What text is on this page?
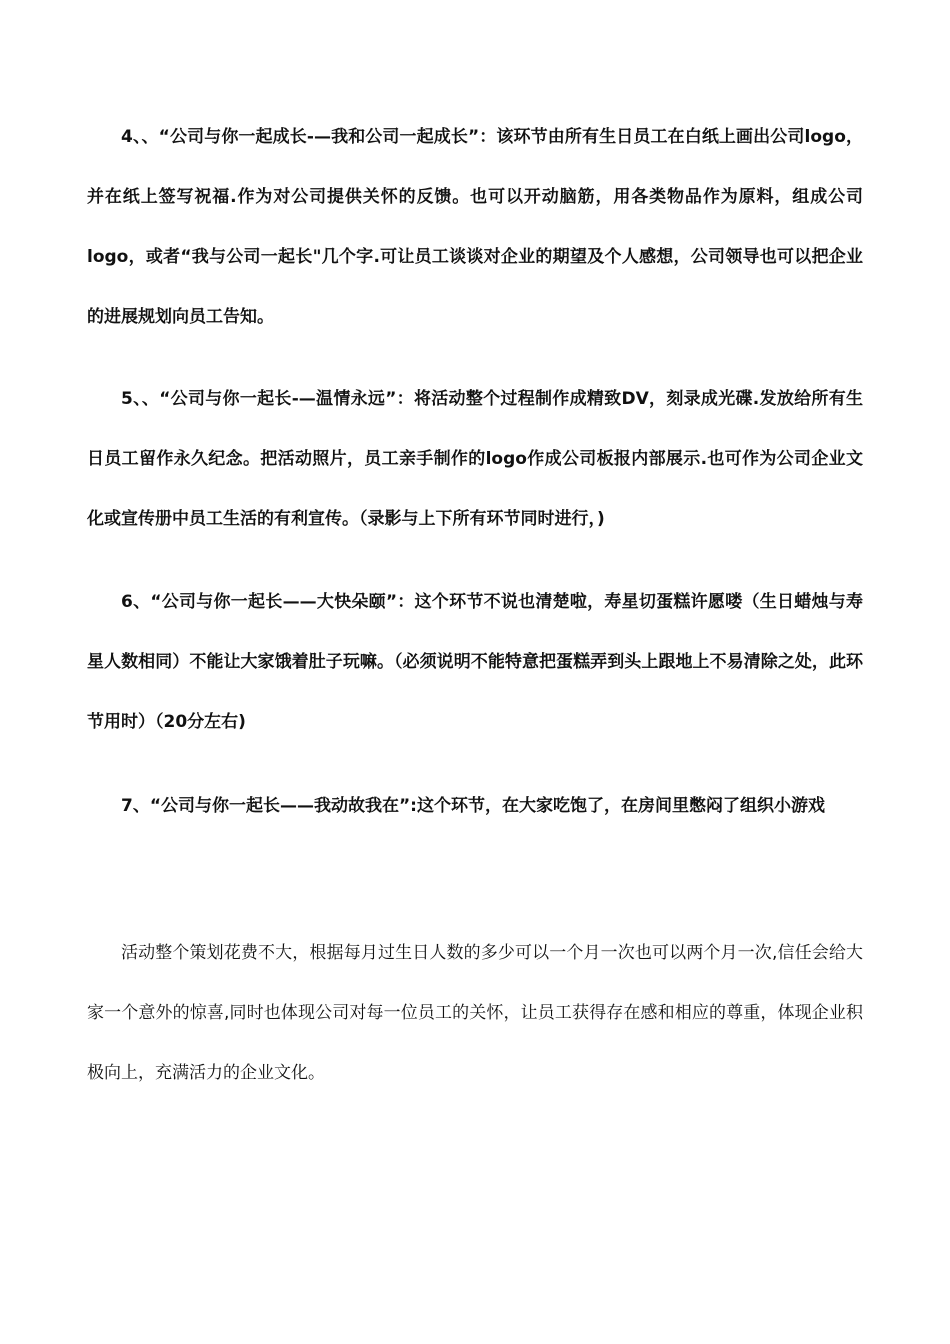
4、、“公司与你一起成长-—我和公司一起成长”：该环节由所有生日员工在白纸上画出公司logo，并在纸上签写祝福.作为对公司提供关怀的反馈。也可以开动脑筋，用各类物品作为原料，组成公司logo，或者“我与公司一起长"几个字.可让员工谈谈对企业的期望及个人感想，公司领导也可以把企业的进展规划向员工告知。

5、、“公司与你一起长-—温情永远”：将活动整个过程制作成精致DV，刻录成光碟.发放给所有生日员工留作永久纪念。把活动照片，员工亲手制作的logo作成公司板报内部展示.也可作为公司企业文化或宣传册中员工生活的有利宣传。（录影与上下所有环节同时进行，)

6、“公司与你一起长——大快朵颐”：这个环节不说也清楚啦，寿星切蛋糕许愿喽（生日蜡烛与寿星人数相同）不能让大家饿着肚子玩嘛。（必须说明不能特意把蛋糕弄到头上跟地上不易清除之处，此环节用时）（20分左右)

7、“公司与你一起长——我动故我在”:这个环节，在大家吃饱了，在房间里憋闷了组织小游戏

活动整个策划花费不大，根据每月过生日人数的多少可以一个月一次也可以两个月一次,信任会给大家一个意外的惊喜,同时也体现公司对每一位员工的关怀，让员工获得存在感和相应的尊重，体现企业积极向上，充满活力的企业文化。
